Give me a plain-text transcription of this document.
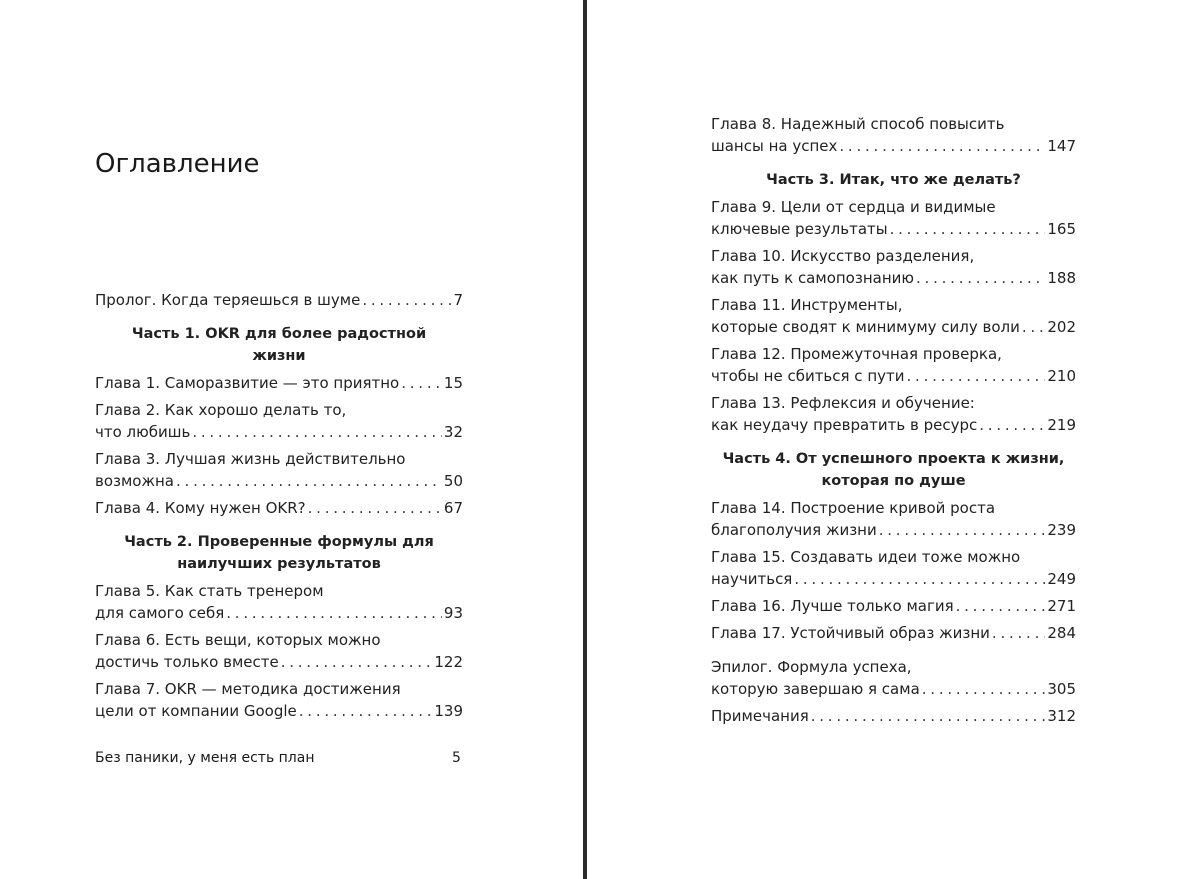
Оглавление
Пролог. Когда теряешься в шуме . . .	7
Часть 1. OKR для более радостной
жизни
Глава 1. Саморазвитие — это приятно . . .	15
Глава 2. Как хорошо делать то,
что любишь . . .	32
Глава 3. Лучшая жизнь действительно
возможна . . .	50
Глава 4. Кому нужен OKR? . . .	67
Часть 2. Проверенные формулы для
наилучших результатов
Глава 5. Как стать тренером
для самого себя . . .	93
Глава 6. Есть вещи, которых можно
достичь только вместе . . .	122
Глава 7. OKR — методика достижения
цели от компании Google . . .	139
Без паники, у меня есть план	5
Глава 8. Надежный способ повысить
шансы на успех . . .	147
Часть 3. Итак, что же делать?
Глава 9. Цели от сердца и видимые
ключевые результаты . . .	165
Глава 10. Искусство разделения,
как путь к самопознанию . . .	188
Глава 11. Инструменты,
которые сводят к минимуму силу воли . . . 202
Глава 12. Промежуточная проверка,
чтобы не сбиться с пути . . .	210
Глава 13. Рефлексия и обучение:
как неудачу превратить в ресурс . . .	219
Часть 4. От успешного проекта к жизни,
которая по душе
Глава 14. Построение кривой роста
благополучия жизни . . .	239
Глава 15. Создавать идеи тоже можно
научиться . . .	249
Глава 16. Лучше только магия . . .	271
Глава 17. Устойчивый образ жизни . . .	284
Эпилог. Формула успеха,
которую завершаю я сама . . .	305
Примечания . . .	312
